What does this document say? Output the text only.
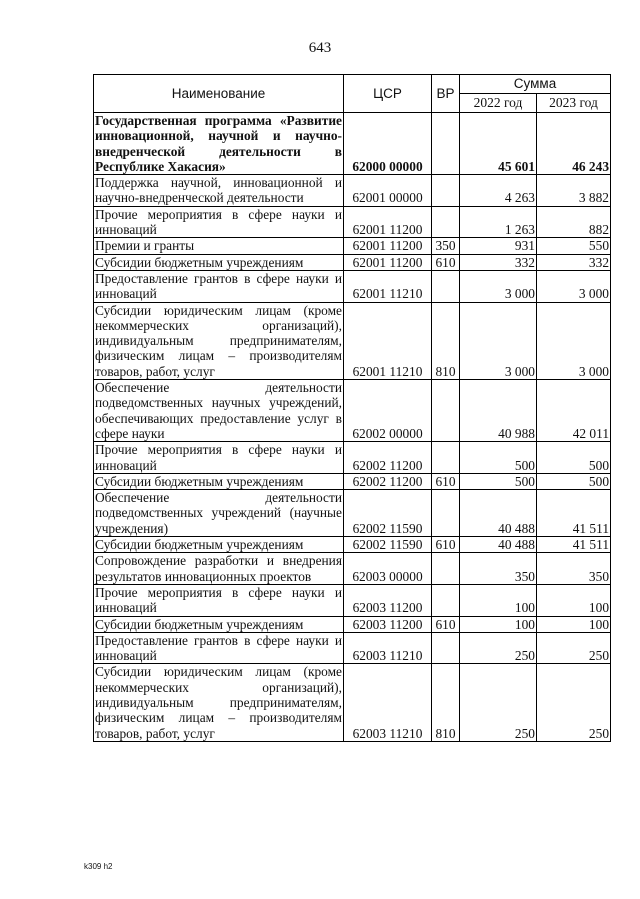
643
Наименование	ЦСР	ВР	Сумма	
			2022 год	2023 год
Государственная программа «Развитие инновационной, научной и научно-внедренческой деятельности в Республике Хакасия»	62000 00000		45 601	46 243
Поддержка научной, инновационной и научно-внедренческой деятельности	62001 00000		4 263	3 882
Прочие мероприятия в сфере науки и инноваций	62001 11200		1 263	882
Премии и гранты	62001 11200	350	931	550
Субсидии бюджетным учреждениям	62001 11200	610	332	332
Предоставление грантов в сфере науки и инноваций	62001 11210		3 000	3 000
Субсидии юридическим лицам (кроме некоммерческих организаций), индивидуальным предпринимателям, физическим лицам – производителям товаров, работ, услуг	62001 11210	810	3 000	3 000
Обеспечение деятельности подведомственных научных учреждений, обеспечивающих предоставление услуг в сфере науки	62002 00000		40 988	42 011
Прочие мероприятия в сфере науки и инноваций	62002 11200		500	500
Субсидии бюджетным учреждениям	62002 11200	610	500	500
Обеспечение деятельности подведомственных учреждений (научные учреждения)	62002 11590		40 488	41 511
Субсидии бюджетным учреждениям	62002 11590	610	40 488	41 511
Сопровождение разработки и внедрения результатов инновационных проектов	62003 00000		350	350
Прочие мероприятия в сфере науки и инноваций	62003 11200		100	100
Субсидии бюджетным учреждениям	62003 11200	610	100	100
Предоставление грантов в сфере науки и инноваций	62003 11210		250	250
Субсидии юридическим лицам (кроме некоммерческих организаций), индивидуальным предпринимателям, физическим лицам – производителям товаров, работ, услуг	62003 11210	810	250	250
k309 h2
